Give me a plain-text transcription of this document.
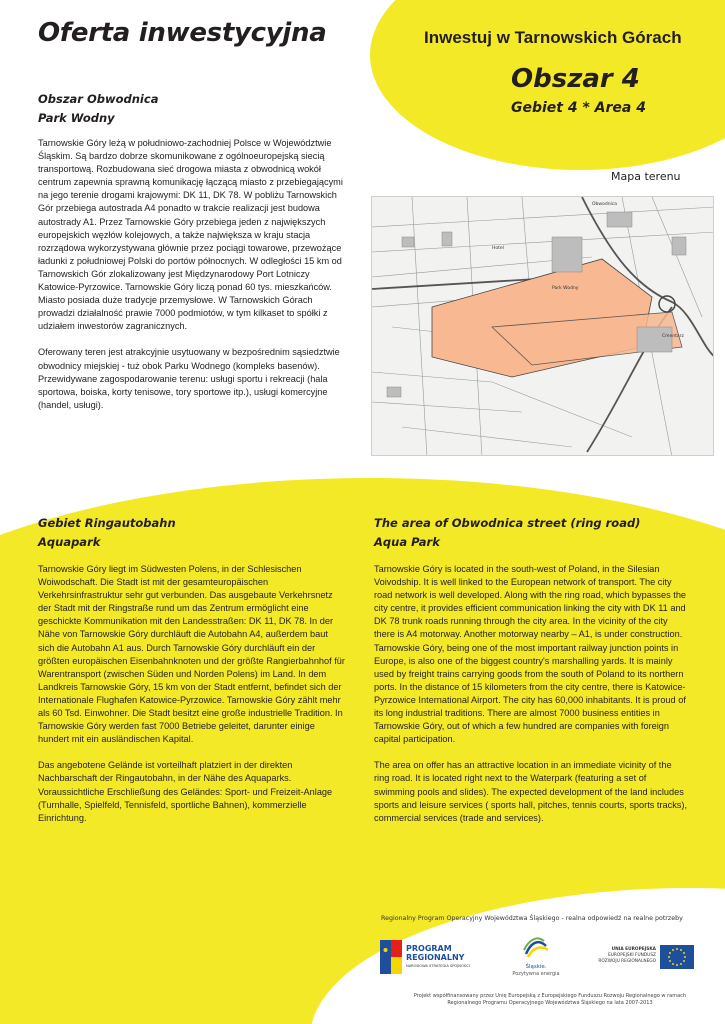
Oferta inwestycyjna	Inwestuj w Tarnowskich Górach
Obszar 4
Gebiet 4 * Area 4
Obszar Obwodnica
Park Wodny

Tarnowskie Góry leżą w południowo-zachodniej Polsce w Województwie Śląskim. Są bardzo dobrze skomunikowane z ogólnoeuropejską siecią transportową. Rozbudowana sieć drogowa miasta z obwodnicą wokół centrum zapewnia sprawną komunikację łączącą miasto z przebiegającymi na jego terenie drogami krajowymi: DK 11, DK 78. W pobliżu Tarnowskich Gór przebiega autostrada A4 ponadto w trakcie realizacji jest budowa autostrady A1. Przez Tarnowskie Góry przebiega jeden z największych europejskich węzłów kolejowych, a także największa w kraju stacja rozrządowa wykorzystywana głównie przez pociągi towarowe, przewożące ładunki z południowej Polski do portów północnych. W odległości 15 km od Tarnowskich Gór zlokalizowany jest Międzynarodowy Port Lotniczy Katowice-Pyrzowice. Tarnowskie Góry liczą ponad 60 tys. mieszkańców. Miasto posiada duże tradycje przemysłowe. W Tarnowskich Górach prowadzi działalność prawie 7000 podmiotów, w tym kilkaset to spółki z udziałem inwestorów zagranicznych.

Oferowany teren jest atrakcyjnie usytuowany w bezpośrednim sąsiedztwie obwodnicy miejskiej - tuż obok Parku Wodnego (kompleks basenów). Przewidywane zagospodarowanie terenu: usługi sportu i rekreacji (hala sportowa, boiska, korty tenisowe, tory sportowe itp.), usługi komercyjne (handel, usługi).

Mapa terenu
Hotel
Park Wodny
Cmentarz
Obwodnica
Gebiet Ringautobahn
Aquapark

Tarnowskie Góry liegt im Südwesten Polens, in der Schlesischen Woiwodschaft. Die Stadt ist mit der gesamteuropäischen Verkehrsinfrastruktur sehr gut verbunden. Das ausgebaute Verkehrsnetz der Stadt mit der Ringstraße rund um das Zentrum ermöglicht eine geschickte Kommunikation mit den Landesstraßen: DK 11, DK 78. In der Nähe von Tarnowskie Góry durchläuft die Autobahn A4, außerdem baut sich die Autobahn A1 aus. Durch Tarnowskie Góry durchläuft ein der größten europäischen Eisenbahnknoten und der größte Rangierbahnhof für Warentransport (zwischen Süden und Norden Polens) im Land. In dem Landkreis Tarnowskie Góry, 15 km von der Stadt entfernt, befindet sich der Internationale Flughafen Katowice-Pyrzowice. Tarnowskie Góry zählt mehr als 60 Tsd. Einwohner. Die Stadt besitzt eine große industrielle Tradition. In Tarnowskie Góry werden fast 7000 Betriebe geleitet, darunter einige hundert mit ein ausländischen Kapital.

Das angebotene Gelände ist vorteilhaft platziert in der direkten Nachbarschaft der Ringautobahn, in der Nähe des Aquaparks. Voraussichtliche Erschließung des Geländes: Sport- und Freizeit-Anlage (Turnhalle, Spielfeld, Tennisfeld, sportliche Bahnen), kommerzielle Einrichtung.

The area of Obwodnica street (ring road)
Aqua Park

Tarnowskie Góry is located in the south-west of Poland, in the Silesian Voivodship. It is well linked to the European network of transport. The city road network is well developed. Along with the ring road, which bypasses the city centre, it provides efficient communication linking the city with DK 11 and DK 78 trunk roads running through the city area. In the vicinity of the city there is A4 motorway. Another motorway nearby – A1, is under construction. Tarnowskie Góry, being one of the most important railway junction points in Europe, is also one of the biggest country's marshalling yards. It is mainly used by freight trains carrying goods from the south of Poland to its northern ports. In the distance of 15 kilometers from the city centre, there is Katowice- Pyrzowice International Airport. The city has 60,000 inhabitants. It is proud of its long industrial traditions. There are almost 7000 business entities in Tarnowskie Góry, out of which a few hundred are companies with foreign capital participation.

The area on offer has an attractive location in an immediate vicinity of the ring road. It is located right next to the Waterpark (featuring a set of swimming pools and slides). The expected development of the land includes sports and leisure services ( sports hall, pitches, tennis courts, sports tracks), commercial services (trade and services).

Regionalny Program Operacyjny Województwa Śląskiego - realna odpowiedź na realne potrzeby
PROGRAM
REGIONALNY
NARODOWA STRATEGIA SPÓJNOŚCI	Śląskie.
Pozytywna energia
UNIA EUROPEJSKA
EUROPEJSKI FUNDUSZ
ROZWOJU REGIONALNEGO
Projekt współfinansowany przez Unię Europejską z Europejskiego Funduszu Rozwoju Regionalnego w ramach Regionalnego Programu Operacyjnego Województwa Śląskiego na lata 2007-2013
